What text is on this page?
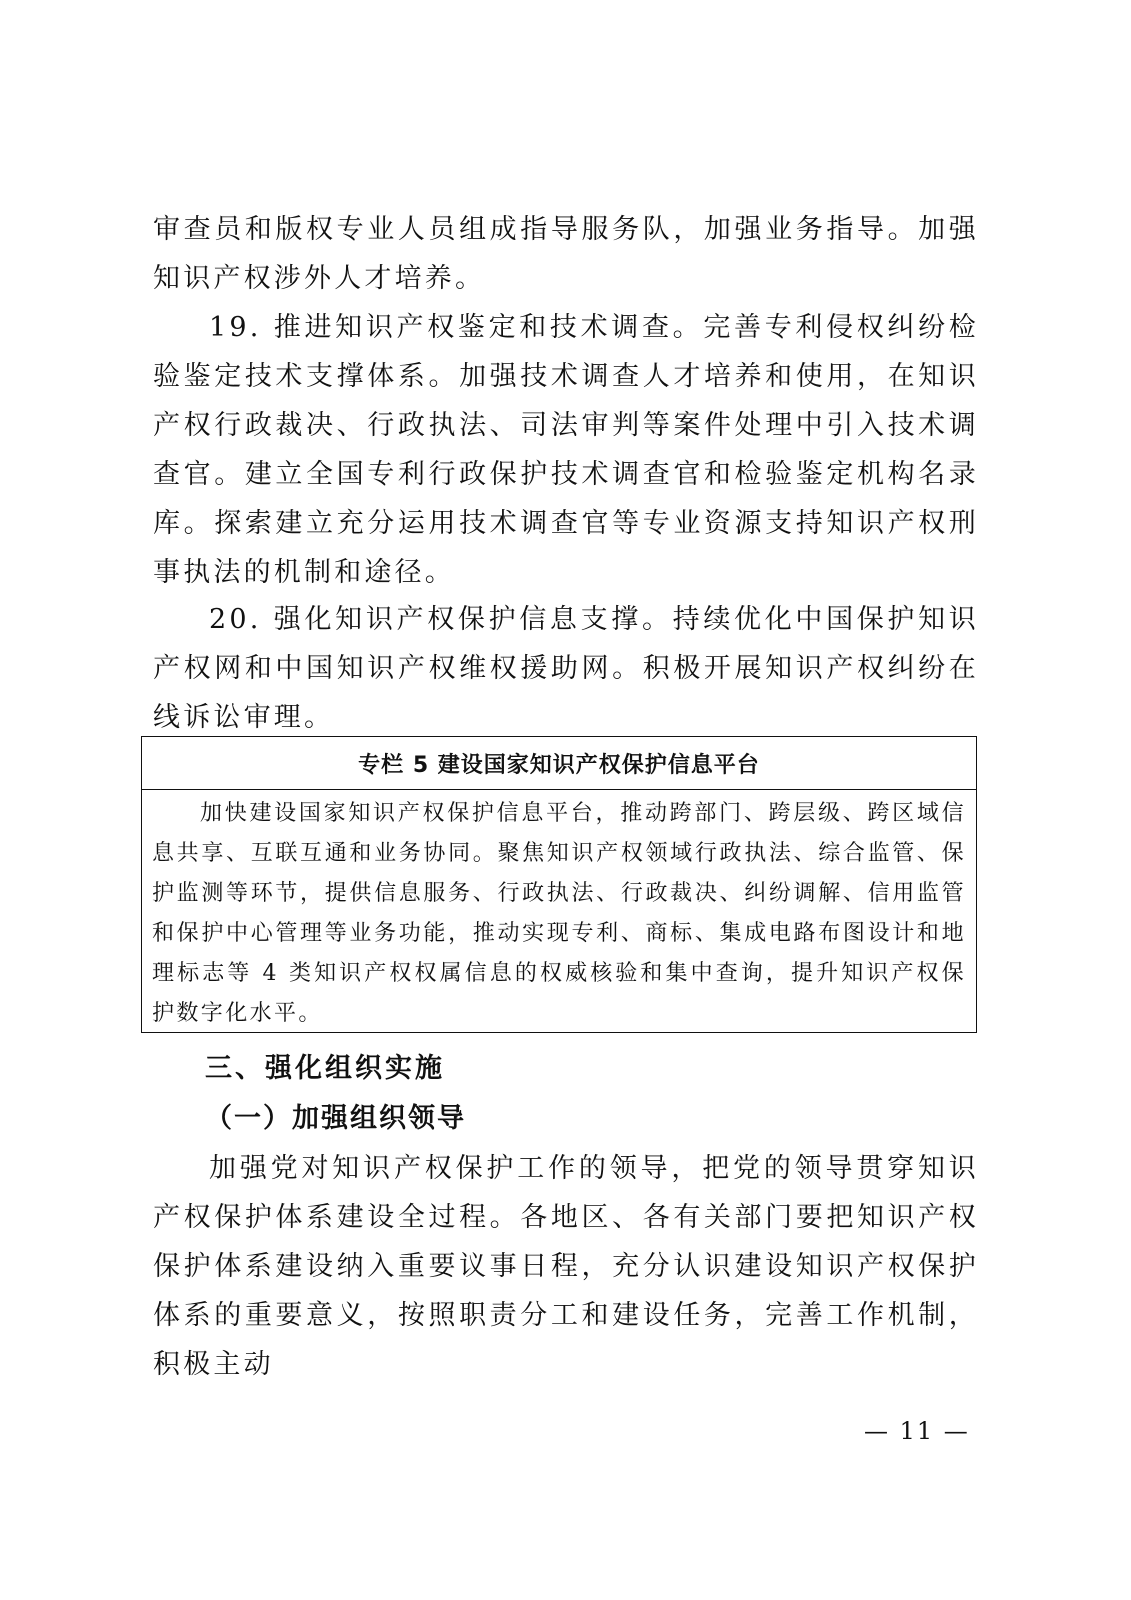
审查员和版权专业人员组成指导服务队，加强业务指导。加强知识产权涉外人才培养。

19. 推进知识产权鉴定和技术调查。完善专利侵权纠纷检验鉴定技术支撑体系。加强技术调查人才培养和使用，在知识产权行政裁决、行政执法、司法审判等案件处理中引入技术调查官。建立全国专利行政保护技术调查官和检验鉴定机构名录库。探索建立充分运用技术调查官等专业资源支持知识产权刑事执法的机制和途径。

20. 强化知识产权保护信息支撑。持续优化中国保护知识产权网和中国知识产权维权援助网。积极开展知识产权纠纷在线诉讼审理。

专栏 5 建设国家知识产权保护信息平台

加快建设国家知识产权保护信息平台，推动跨部门、跨层级、跨区域信息共享、互联互通和业务协同。聚焦知识产权领域行政执法、综合监管、保护监测等环节，提供信息服务、行政执法、行政裁决、纠纷调解、信用监管和保护中心管理等业务功能，推动实现专利、商标、集成电路布图设计和地理标志等 4 类知识产权权属信息的权威核验和集中查询，提升知识产权保护数字化水平。

三、强化组织实施
（一）加强组织领导

加强党对知识产权保护工作的领导，把党的领导贯穿知识产权保护体系建设全过程。各地区、各有关部门要把知识产权保护体系建设纳入重要议事日程，充分认识建设知识产权保护体系的重要意义，按照职责分工和建设任务，完善工作机制，积极主动

— 11 —
